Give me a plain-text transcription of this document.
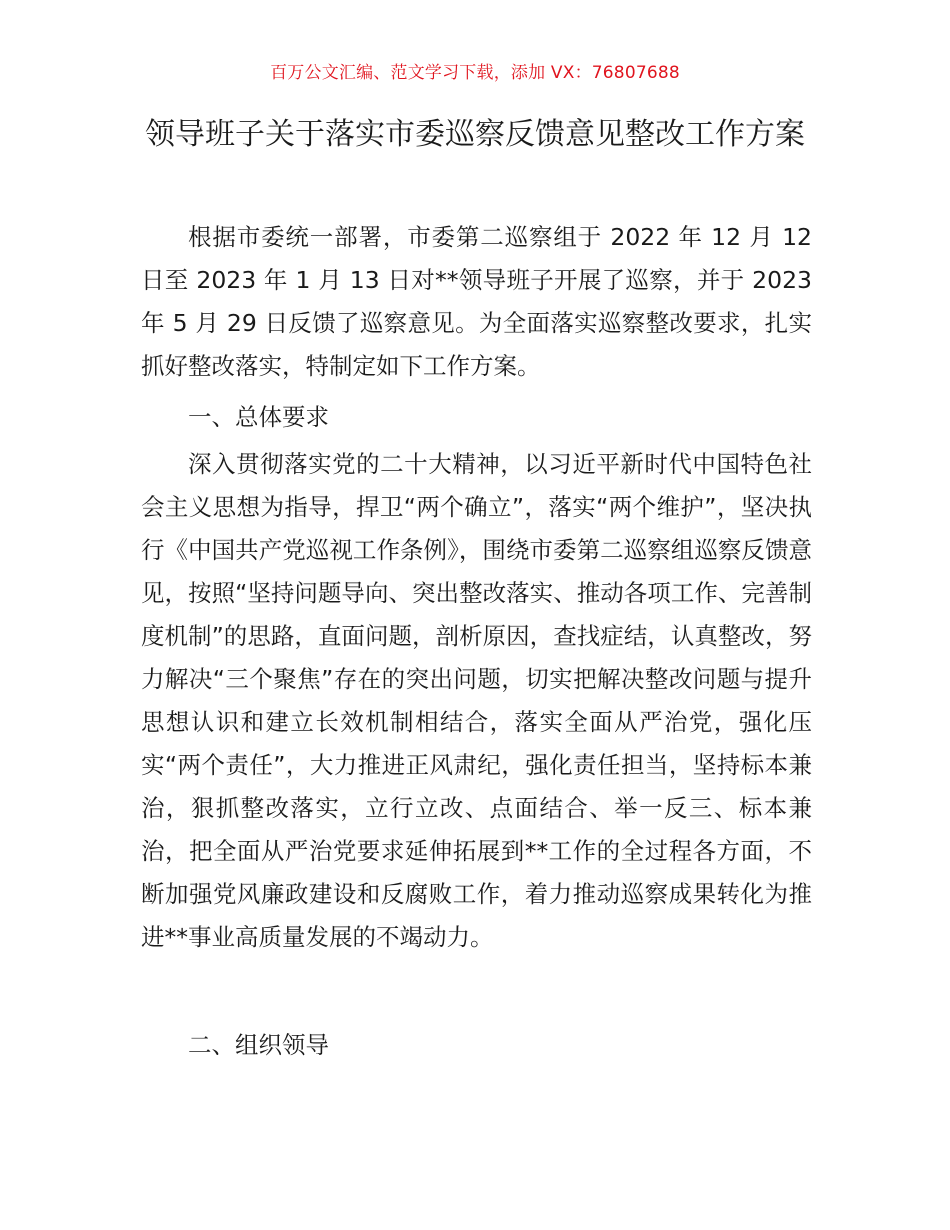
百万公文汇编、范文学习下载，添加 VX：76807688
领导班子关于落实市委巡察反馈意见整改工作方案

根据市委统一部署，市委第二巡察组于 2022 年 12 月 12 日至 2023 年 1 月 13 日对**领导班子开展了巡察，并于 2023 年 5 月 29 日反馈了巡察意见。为全面落实巡察整改要求，扎实抓好整改落实，特制定如下工作方案。

一、总体要求

深入贯彻落实党的二十大精神，以习近平新时代中国特色社会主义思想为指导，捍卫“两个确立”，落实“两个维护”，坚决执行《中国共产党巡视工作条例》，围绕市委第二巡察组巡察反馈意见，按照“坚持问题导向、突出整改落实、推动各项工作、完善制度机制”的思路，直面问题，剖析原因，查找症结，认真整改，努力解决“三个聚焦”存在的突出问题，切实把解决整改问题与提升思想认识和建立长效机制相结合，落实全面从严治党，强化压实“两个责任”，大力推进正风肃纪，强化责任担当，坚持标本兼治，狠抓整改落实，立行立改、点面结合、举一反三、标本兼治，把全面从严治党要求延伸拓展到**工作的全过程各方面，不断加强党风廉政建设和反腐败工作，着力推动巡察成果转化为推进**事业高质量发展的不竭动力。

二、组织领导
